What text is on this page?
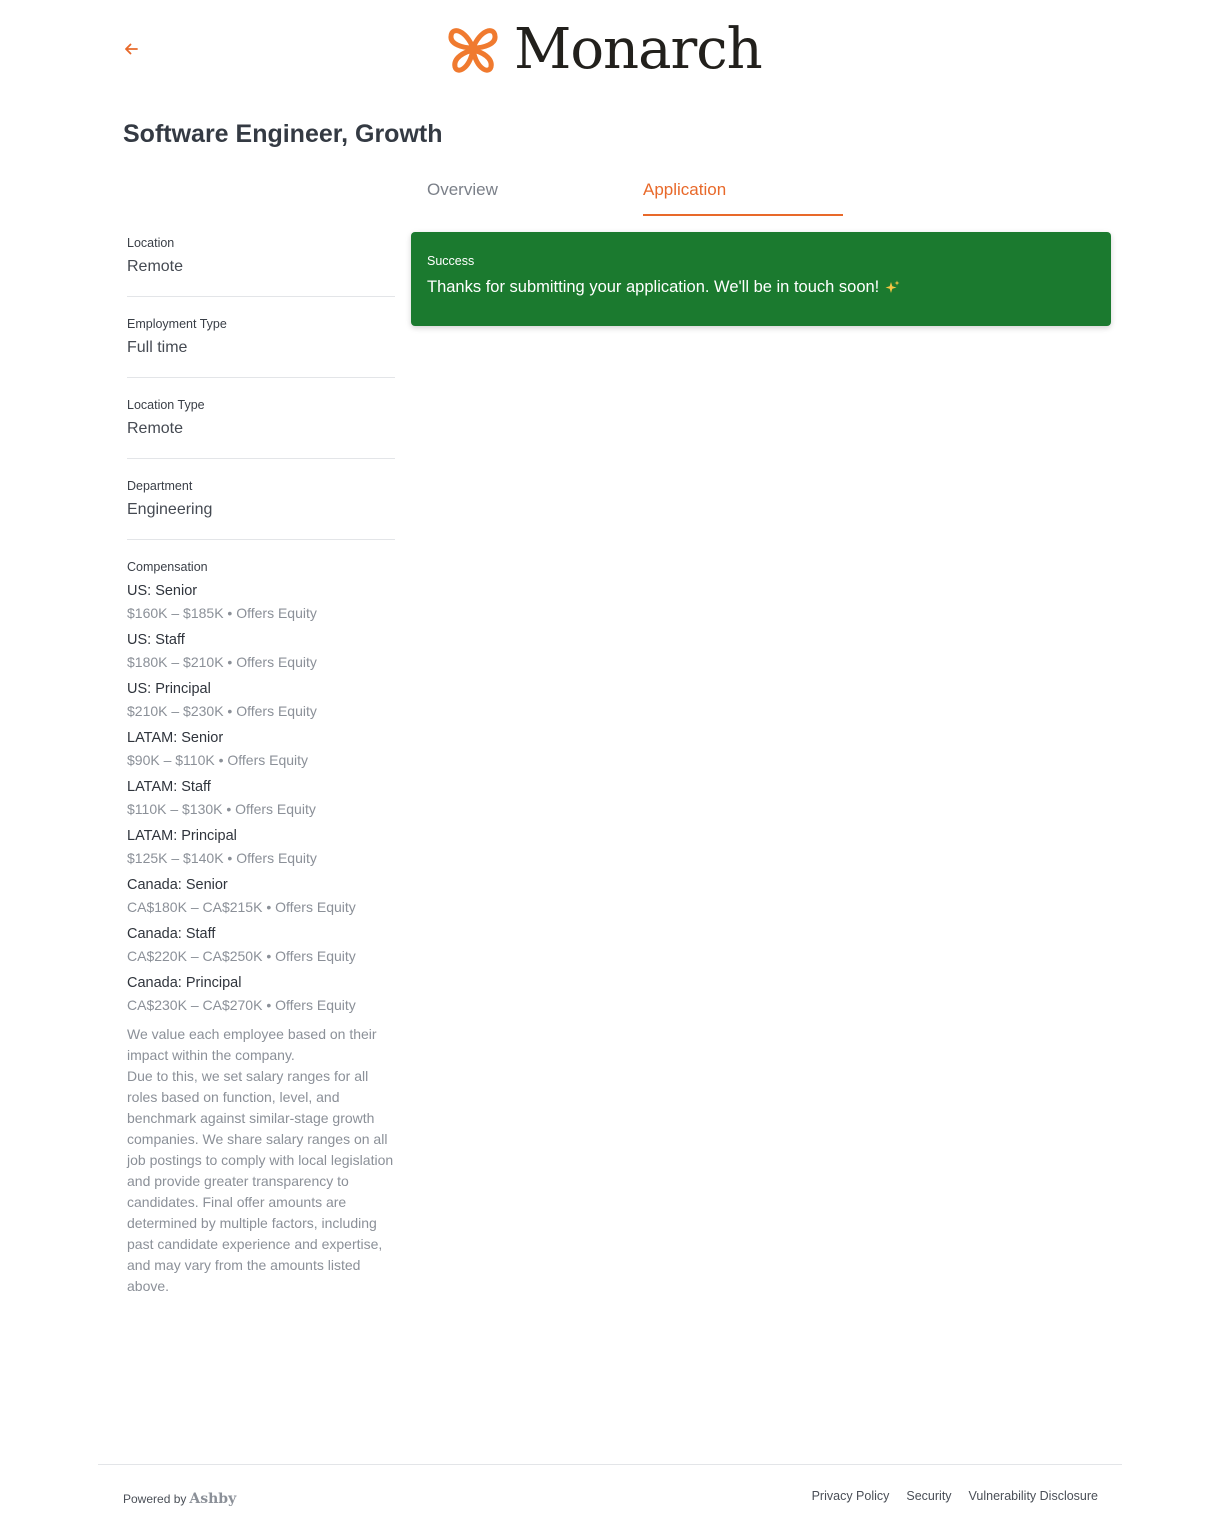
Monarch
Software Engineer, Growth
Overview	Application
Location
Remote
Employment Type
Full time
Location Type
Remote
Department
Engineering
Compensation
US: Senior
$160K – $185K • Offers Equity
US: Staff
$180K – $210K • Offers Equity
US: Principal
$210K – $230K • Offers Equity
LATAM: Senior
$90K – $110K • Offers Equity
LATAM: Staff
$110K – $130K • Offers Equity
LATAM: Principal
$125K – $140K • Offers Equity
Canada: Senior
CA$180K – CA$215K • Offers Equity
Canada: Staff
CA$220K – CA$250K • Offers Equity
Canada: Principal
CA$230K – CA$270K • Offers Equity
We value each employee based on their impact within the company.
Due to this, we set salary ranges for all roles based on function, level, and benchmark against similar-stage growth companies. We share salary ranges on all job postings to comply with local legislation and provide greater transparency to candidates. Final offer amounts are determined by multiple factors, including past candidate experience and expertise, and may vary from the amounts listed above.
Success
Thanks for submitting your application. We'll be in touch soon!
Powered by Ashby	Privacy Policy Security Vulnerability Disclosure
